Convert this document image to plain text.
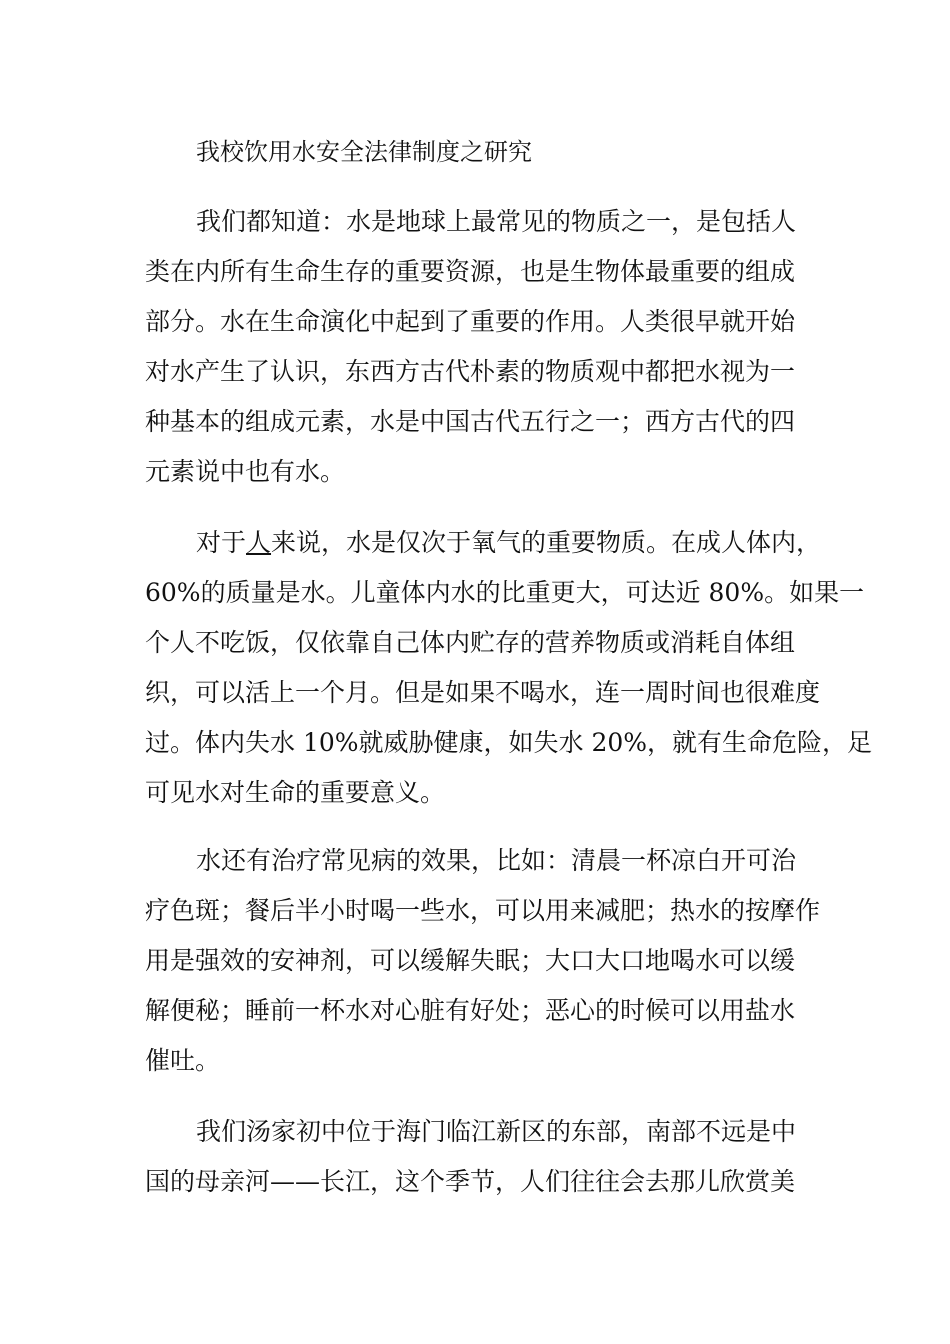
我校饮用水安全法律制度之研究

我们都知道：水是地球上最常见的物质之一，是包括人
类在内所有生命生存的重要资源，也是生物体最重要的组成
部分。水在生命演化中起到了重要的作用。人类很早就开始
对水产生了认识，东西方古代朴素的物质观中都把水视为一
种基本的组成元素，水是中国古代五行之一；西方古代的四
元素说中也有水。

对于人来说，水是仅次于氧气的重要物质。在成人体内，
60%的质量是水。儿童体内水的比重更大，可达近 80%。如果一
个人不吃饭，仅依靠自己体内贮存的营养物质或消耗自体组
织，可以活上一个月。但是如果不喝水，连一周时间也很难度
过。体内失水 10%就威胁健康，如失水 20%，就有生命危险，足
可见水对生命的重要意义。

水还有治疗常见病的效果，比如：清晨一杯凉白开可治
疗色斑；餐后半小时喝一些水，可以用来减肥；热水的按摩作
用是强效的安神剂，可以缓解失眠；大口大口地喝水可以缓
解便秘；睡前一杯水对心脏有好处；恶心的时候可以用盐水
催吐。

我们汤家初中位于海门临江新区的东部，南部不远是中
国的母亲河——长江，这个季节，人们往往会去那儿欣赏美
